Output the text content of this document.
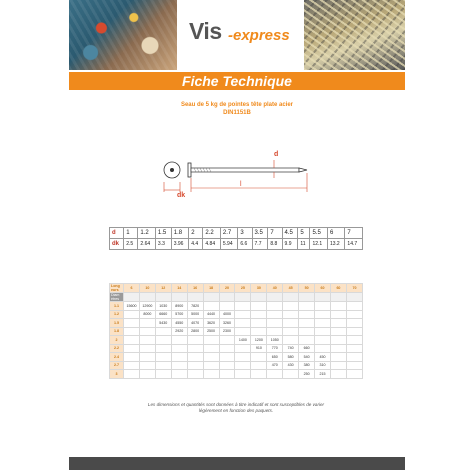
Vis -express
Fiche Technique
Seau de 5 kg de pointes tête plate acier
DIN1151B
dk
l
d
d	1	1.2	1.5	1.8	2	2.2	2.7	3	3.5	7	4.5	5	5.5	6	7
dk	2.5	2.64	3.3	3.96	4.4	4.84	5.94	6.6	7.7	8.8	9.9	11	12.1	13.2	14.7
Long eurs	6	10	12	14	16	18	20	25	30	40	45	50	60	60	70
Diam ètres															
1.1	15600	12900	1030	8900	7820										
1.2		8000	6660	5700	5000	4440	4000								
1.5			5430	4550	4070	3620	3260								
1.8				2920	2800	2500	2300								
2								1400	1200	1050					
2.2									910	770	740	660			
2.4										650	580	540	450		
2.7										470	430	380	310		
3												250	215		
Les dimensions et quantités sont données à titre indicatif et sont susceptibles de varier
légèrement en fonction des paquets.
